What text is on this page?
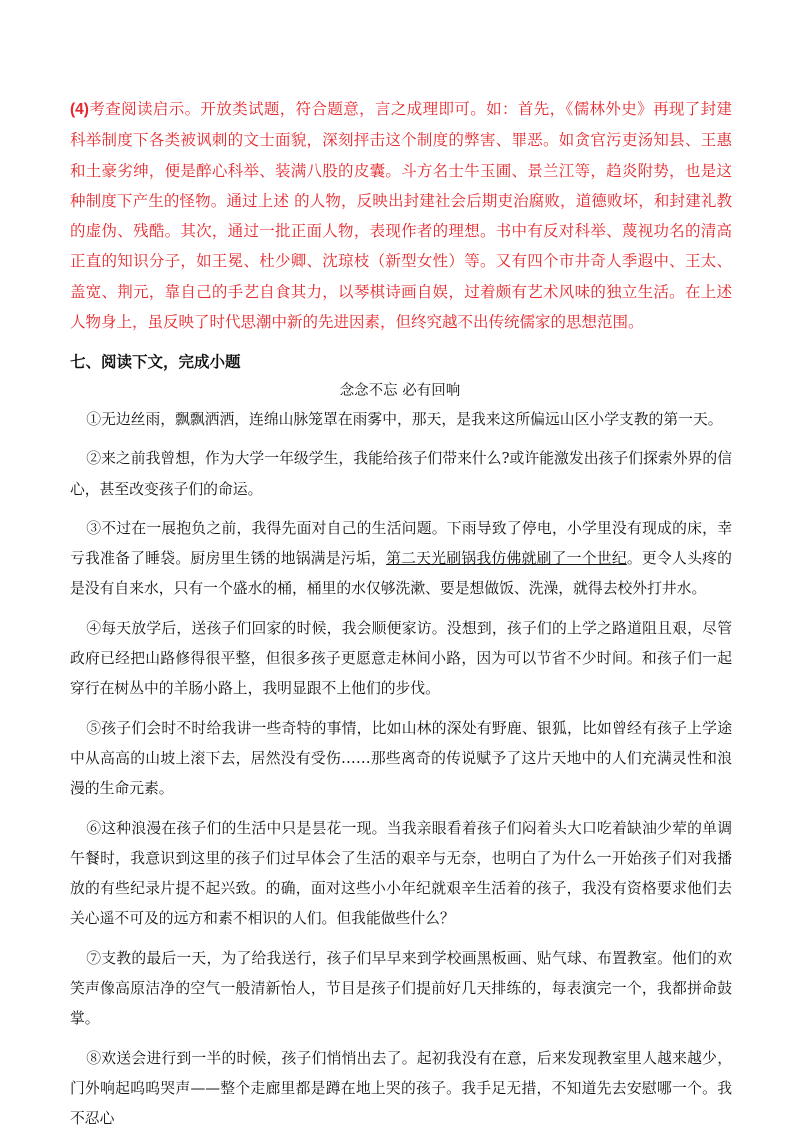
(4)考查阅读启示。开放类试题，符合题意，言之成理即可。如：首先，《儒林外史》再现了封建科举制度下各类被讽刺的文士面貌，深刻抨击这个制度的弊害、罪恶。如贪官污吏汤知县、王惠和土豪劣绅，便是醉心科举、装满八股的皮囊。斗方名士牛玉圃、景兰江等，趋炎附势，也是这种制度下产生的怪物。通过上述 的人物，反映出封建社会后期吏治腐败，道德败坏，和封建礼教的虚伪、残酷。其次，通过一批正面人物，表现作者的理想。书中有反对科举、蔑视功名的清高正直的知识分子，如王冕、杜少卿、沈琼枝（新型女性）等。又有四个市井奇人季遐中、王太、盖宽、荆元，靠自己的手艺自食其力，以琴棋诗画自娱，过着颇有艺术风味的独立生活。在上述人物身上，虽反映了时代思潮中新的先进因素，但终究越不出传统儒家的思想范围。

七、阅读下文，完成小题

念念不忘 必有回响

①无边丝雨，飘飘洒洒，连绵山脉笼罩在雨雾中，那天，是我来这所偏远山区小学支教的第一天。

②来之前我曾想，作为大学一年级学生，我能给孩子们带来什么?或许能激发出孩子们探索外界的信心，甚至改变孩子们的命运。

③不过在一展抱负之前，我得先面对自己的生活问题。下雨导致了停电，小学里没有现成的床，幸亏我准备了睡袋。厨房里生锈的地锅满是污垢，第二天光刷锅我仿佛就刷了一个世纪。更令人头疼的是没有自来水，只有一个盛水的桶，桶里的水仅够洗漱、要是想做饭、洗澡，就得去校外打井水。

④每天放学后，送孩子们回家的时候，我会顺便家访。没想到，孩子们的上学之路道阻且艰，尽管政府已经把山路修得很平整，但很多孩子更愿意走林间小路，因为可以节省不少时间。和孩子们一起穿行在树丛中的羊肠小路上，我明显跟不上他们的步伐。

⑤孩子们会时不时给我讲一些奇特的事情，比如山林的深处有野鹿、银狐，比如曾经有孩子上学途中从高高的山坡上滚下去，居然没有受伤……那些离奇的传说赋予了这片天地中的人们充满灵性和浪漫的生命元素。

⑥这种浪漫在孩子们的生活中只是昙花一现。当我亲眼看着孩子们闷着头大口吃着缺油少荤的单调午餐时，我意识到这里的孩子们过早体会了生活的艰辛与无奈，也明白了为什么一开始孩子们对我播放的有些纪录片提不起兴致。的确，面对这些小小年纪就艰辛生活着的孩子，我没有资格要求他们去关心遥不可及的远方和素不相识的人们。但我能做些什么？

⑦支教的最后一天，为了给我送行，孩子们早早来到学校画黑板画、贴气球、布置教室。他们的欢笑声像高原洁净的空气一般清新怡人，节目是孩子们提前好几天排练的，每表演完一个，我都拼命鼓掌。

⑧欢送会进行到一半的时候，孩子们悄悄出去了。起初我没有在意，后来发现教室里人越来越少，门外响起呜呜哭声——整个走廊里都是蹲在地上哭的孩子。我手足无措，不知道先去安慰哪一个。我不忍心
